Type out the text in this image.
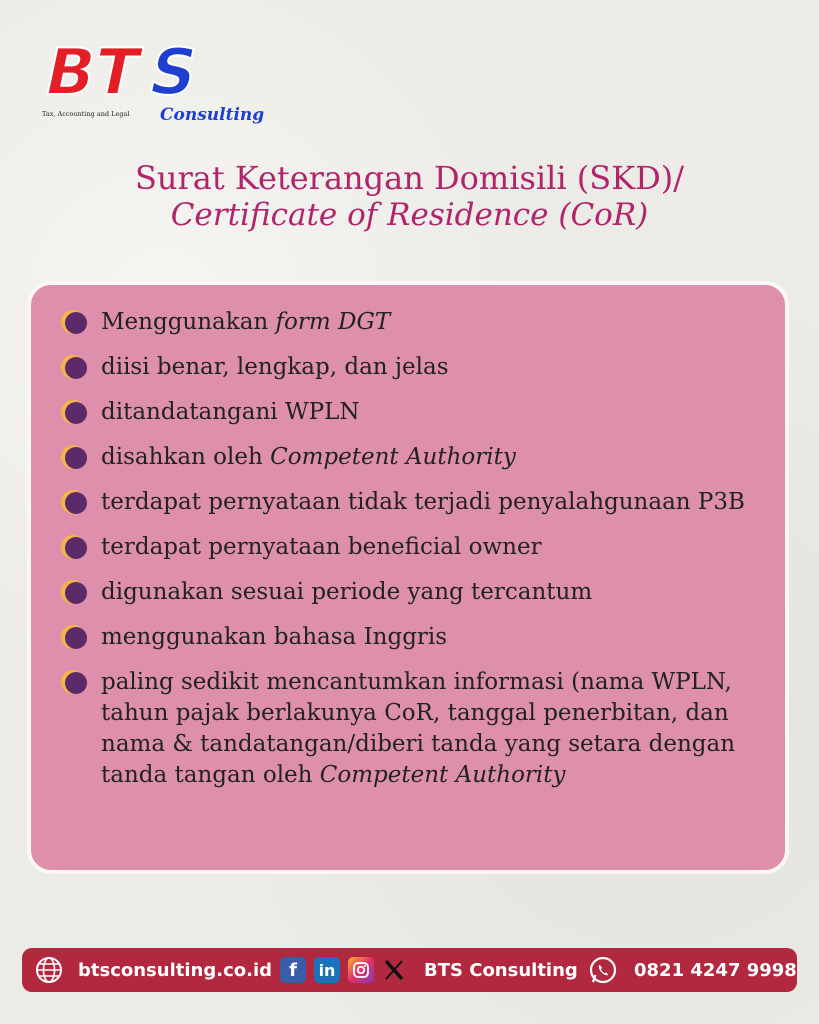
BT
S
Tax, Accounting and Legal Consulting
Surat Keterangan Domisili (SKD)/
Certificate of Residence (CoR)
Menggunakan form DGT
diisi benar, lengkap, dan jelas
ditandatangani WPLN
disahkan oleh Competent Authority
terdapat pernyataan tidak terjadi penyalahgunaan P3B
terdapat pernyataan beneficial owner
digunakan sesuai periode yang tercantum
menggunakan bahasa Inggris
paling sedikit mencantumkan informasi (nama WPLN, tahun pajak berlakunya CoR, tanggal penerbitan, dan nama & tandatangan/diberi tanda yang setara dengan tanda tangan oleh Competent Authority
btsconsulting.co.id f	in	BTS Consulting	0821 4247 9998
